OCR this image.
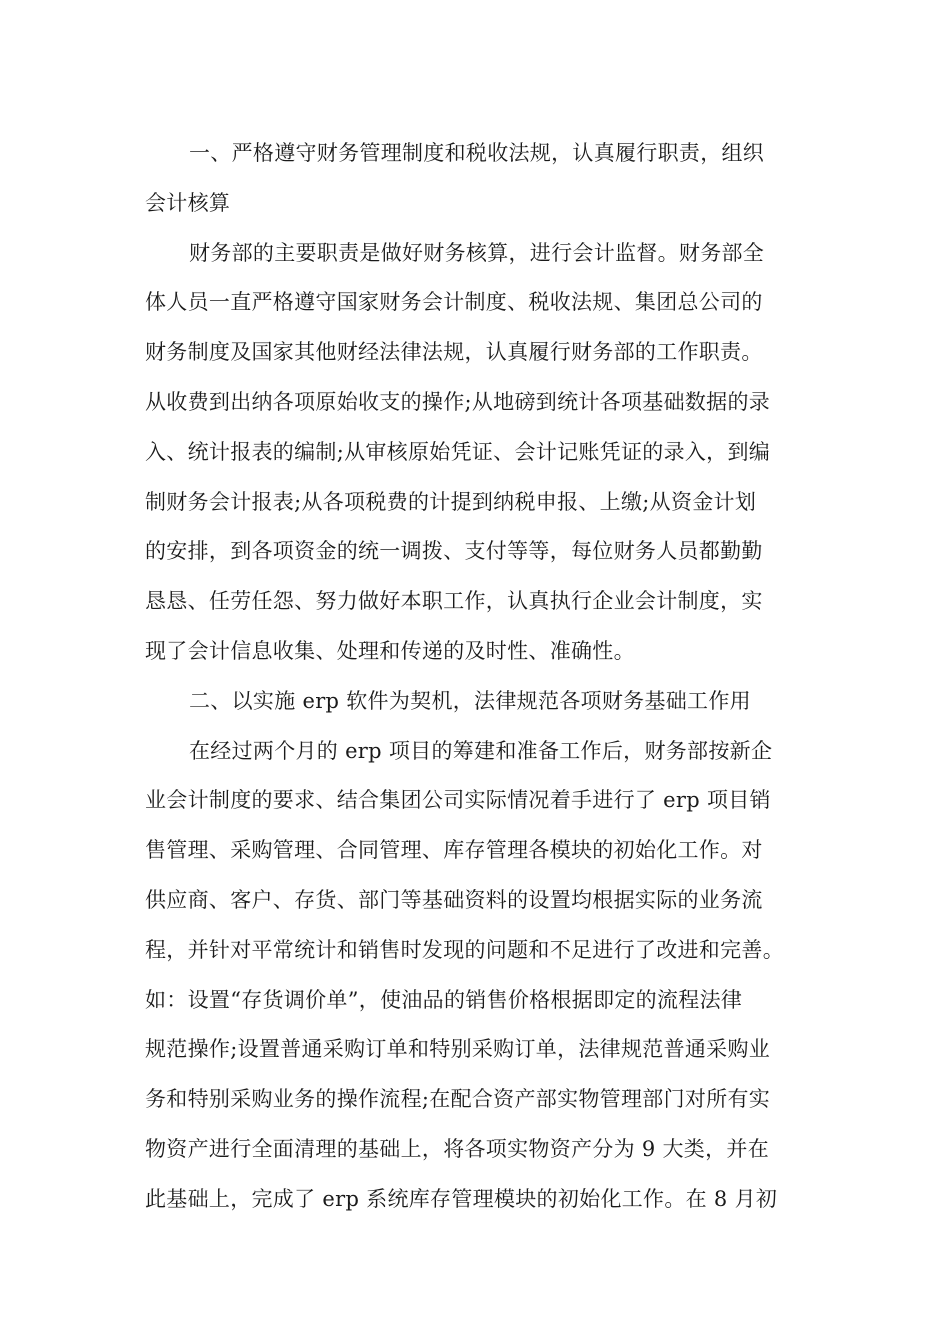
一、严格遵守财务管理制度和税收法规，认真履行职责，组织
会计核算
财务部的主要职责是做好财务核算，进行会计监督。财务部全
体人员一直严格遵守国家财务会计制度、税收法规、集团总公司的
财务制度及国家其他财经法律法规，认真履行财务部的工作职责。
从收费到出纳各项原始收支的操作;从地磅到统计各项基础数据的录
入、统计报表的编制;从审核原始凭证、会计记账凭证的录入，到编
制财务会计报表;从各项税费的计提到纳税申报、上缴;从资金计划
的安排，到各项资金的统一调拨、支付等等，每位财务人员都勤勤
恳恳、任劳任怨、努力做好本职工作，认真执行企业会计制度，实
现了会计信息收集、处理和传递的及时性、准确性。
二、以实施 erp 软件为契机，法律规范各项财务基础工作用
在经过两个月的 erp 项目的筹建和准备工作后，财务部按新企
业会计制度的要求、结合集团公司实际情况着手进行了 erp 项目销
售管理、采购管理、合同管理、库存管理各模块的初始化工作。对
供应商、客户、存货、部门等基础资料的设置均根据实际的业务流
程，并针对平常统计和销售时发现的问题和不足进行了改进和完善。
如：设置“存货调价单”，使油品的销售价格根据即定的流程法律
规范操作;设置普通采购订单和特别采购订单，法律规范普通采购业
务和特别采购业务的操作流程;在配合资产部实物管理部门对所有实
物资产进行全面清理的基础上，将各项实物资产分为 9 大类，并在
此基础上，完成了 erp 系统库存管理模块的初始化工作。在 8 月初
